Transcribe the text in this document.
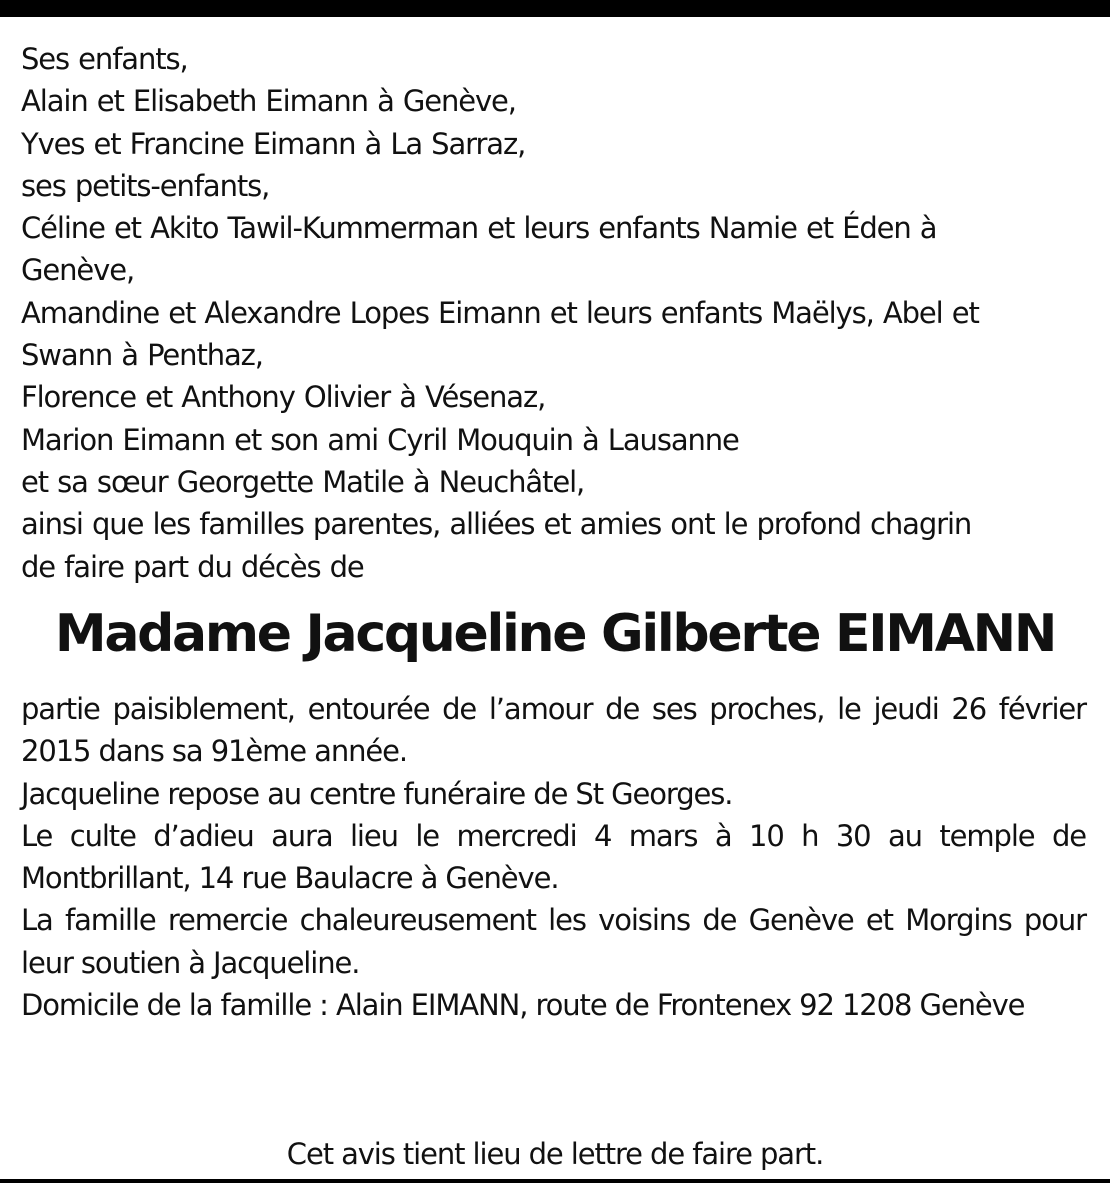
Ses enfants,
Alain et Elisabeth Eimann à Genève,
Yves et Francine Eimann à La Sarraz,
ses petits-enfants,
Céline et Akito Tawil-Kummerman et leurs enfants Namie et Éden à
Genève,
Amandine et Alexandre Lopes Eimann et leurs enfants Maëlys, Abel et
Swann à Penthaz,
Florence et Anthony Olivier à Vésenaz,
Marion Eimann et son ami Cyril Mouquin à Lausanne
et sa sœur Georgette Matile à Neuchâtel,
ainsi que les familles parentes, alliées et amies ont le profond chagrin
de faire part du décès de
Madame Jacqueline Gilberte EIMANN
partie paisiblement, entourée de l’amour de ses proches, le jeudi 26 février 2015 dans sa 91ème année.
Jacqueline repose au centre funéraire de St Georges.
Le culte d’adieu aura lieu le mercredi 4 mars à 10 h 30 au temple de Montbrillant, 14 rue Baulacre à Genève.
La famille remercie chaleureusement les voisins de Genève et Morgins pour leur soutien à Jacqueline.
Domicile de la famille : Alain EIMANN, route de Frontenex 92 1208 Genève
Cet avis tient lieu de lettre de faire part.
